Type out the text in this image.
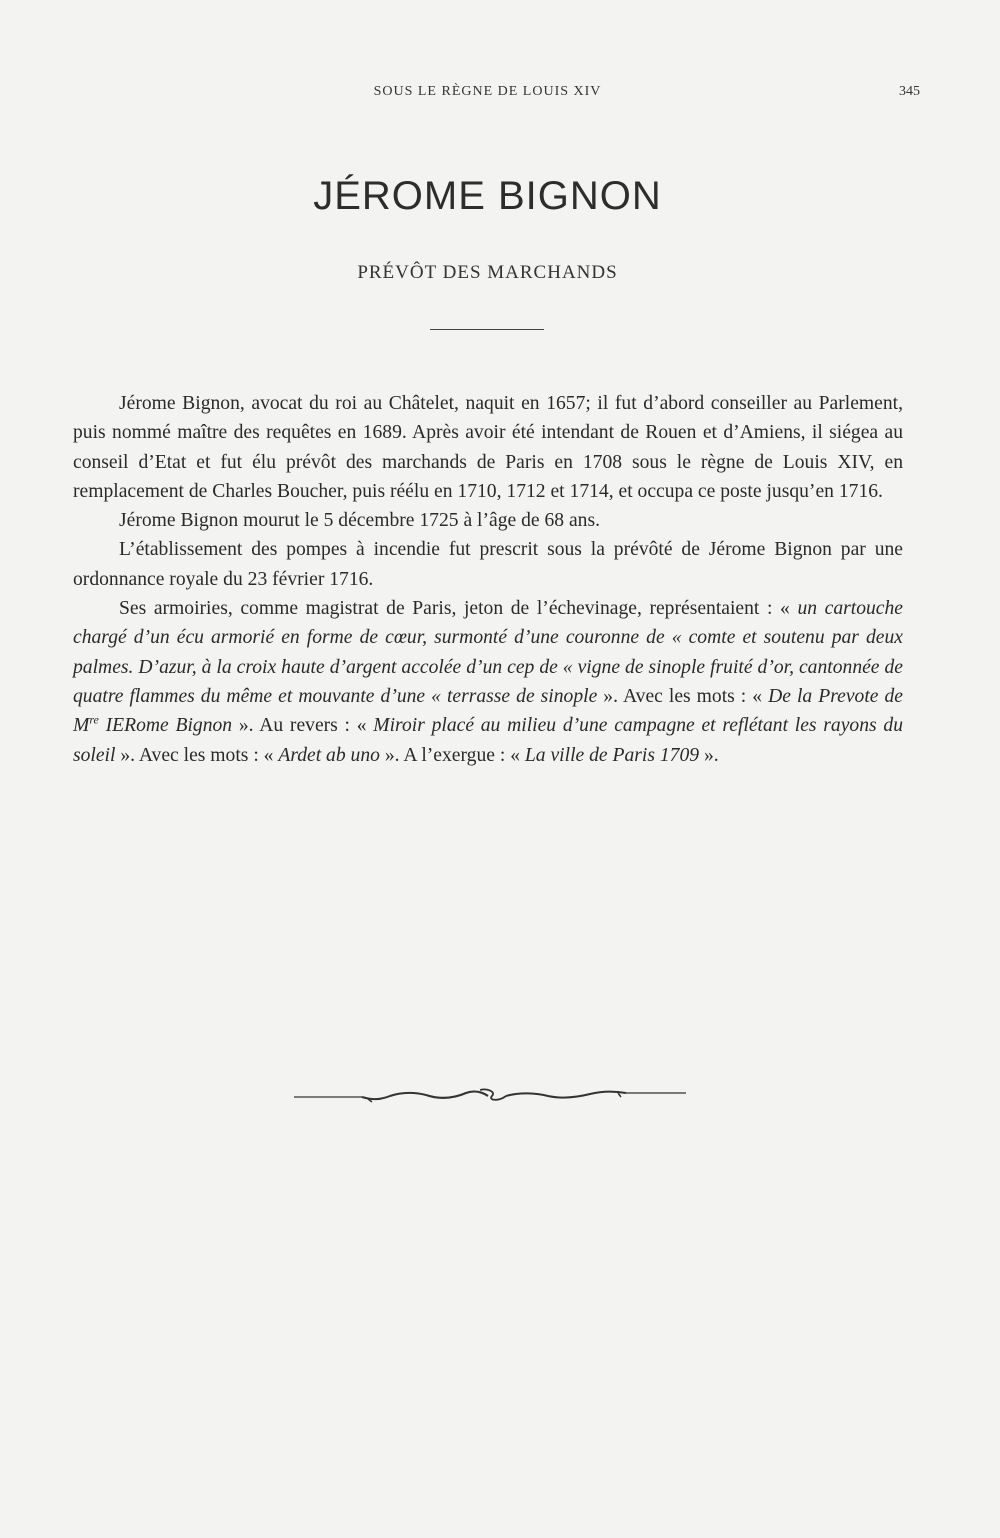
SOUS LE RÈGNE DE LOUIS XIV	345
JÉROME BIGNON
PRÉVÔT DES MARCHANDS

Jérome Bignon, avocat du roi au Châtelet, naquit en 1657; il fut d’abord conseiller au Parlement, puis nommé maître des requêtes en 1689. Après avoir été intendant de Rouen et d’Amiens, il siégea au conseil d’Etat et fut élu prévôt des marchands de Paris en 1708 sous le règne de Louis XIV, en remplacement de Charles Boucher, puis réélu en 1710, 1712 et 1714, et occupa ce poste jusqu’en 1716.

Jérome Bignon mourut le 5 décembre 1725 à l’âge de 68 ans.

L’établissement des pompes à incendie fut prescrit sous la prévôté de Jérome Bignon par une ordonnance royale du 23 février 1716.

Ses armoiries, comme magistrat de Paris, jeton de l’échevinage, représentaient : « un cartouche chargé d’un écu armorié en forme de cœur, surmonté d’une couronne de « comte et soutenu par deux palmes. D’azur, à la croix haute d’argent accolée d’un cep de « vigne de sinople fruité d’or, cantonnée de quatre flammes du même et mouvante d’une « terrasse de sinople ». Avec les mots : « De la Prevote de Mre IERome Bignon ». Au revers : « Miroir placé au milieu d’une campagne et reflétant les rayons du soleil ». Avec les mots : « Ardet ab uno ». A l’exergue : « La ville de Paris 1709 ».
